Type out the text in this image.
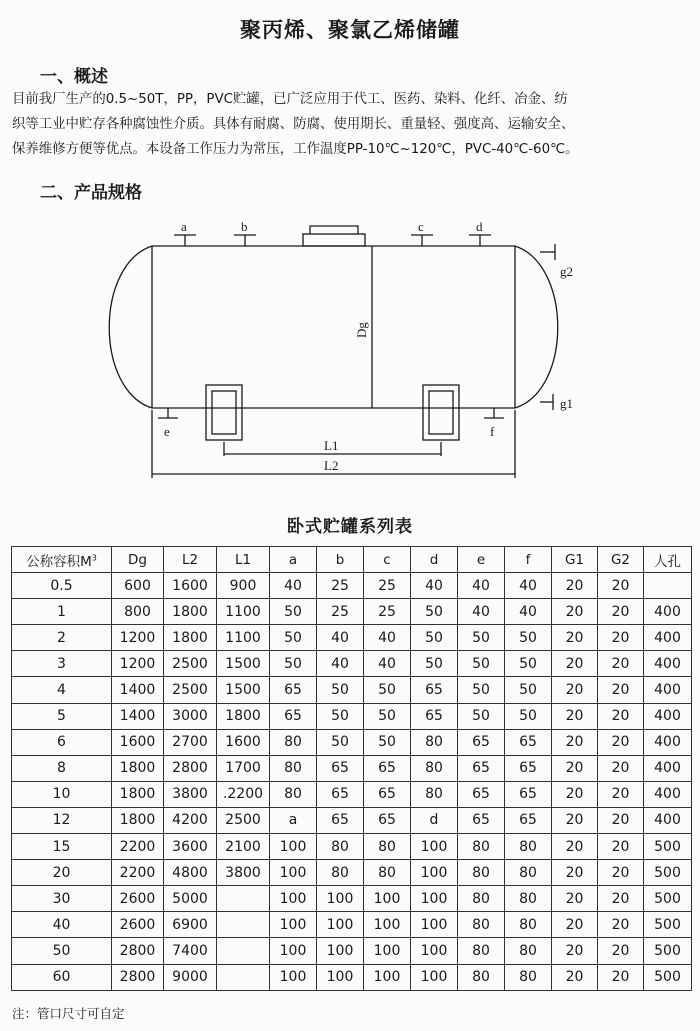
聚丙烯、聚氯乙烯储罐
一、概述
目前我厂生产的0.5~50T，PP，PVC贮罐，已广泛应用于代工、医药、染料、化纤、冶金、纺
织等工业中贮存各种腐蚀性介质。具体有耐腐、防腐、使用期长、重量轻、强度高、运输安全、
保养维修方便等优点。本设备工作压力为常压，工作温度PP-10℃~120℃，PVC-40℃-60℃。
二、产品规格
a	b	c	d
e	f
g2
g1
Dg
L1
L2
卧式贮罐系列表
公称容积$M^3$	Dg	L2	L1	a	b	c	d	e	f	G1	G2	人孔
0.5	600	1600	900	40	25	25	40	40	40	20	20	
1	800	1800	1100	50	25	25	50	40	40	20	20	400
2	1200	1800	1100	50	40	40	50	50	50	20	20	400
3	1200	2500	1500	50	40	40	50	50	50	20	20	400
4	1400	2500	1500	65	50	50	65	50	50	20	20	400
5	1400	3000	1800	65	50	50	65	50	50	20	20	400
6	1600	2700	1600	80	50	50	80	65	65	20	20	400
8	1800	2800	1700	80	65	65	80	65	65	20	20	400
10	1800	3800	.2200	80	65	65	80	65	65	20	20	400
12	1800	4200	2500	a	65	65	d	65	65	20	20	400
15	2200	3600	2100	100	80	80	100	80	80	20	20	500
20	2200	4800	3800	100	80	80	100	80	80	20	20	500
30	2600	5000		100	100	100	100	80	80	20	20	500
40	2600	6900		100	100	100	100	80	80	20	20	500
50	2800	7400		100	100	100	100	80	80	20	20	500
60	2800	9000		100	100	100	100	80	80	20	20	500
注：管口尺寸可自定
